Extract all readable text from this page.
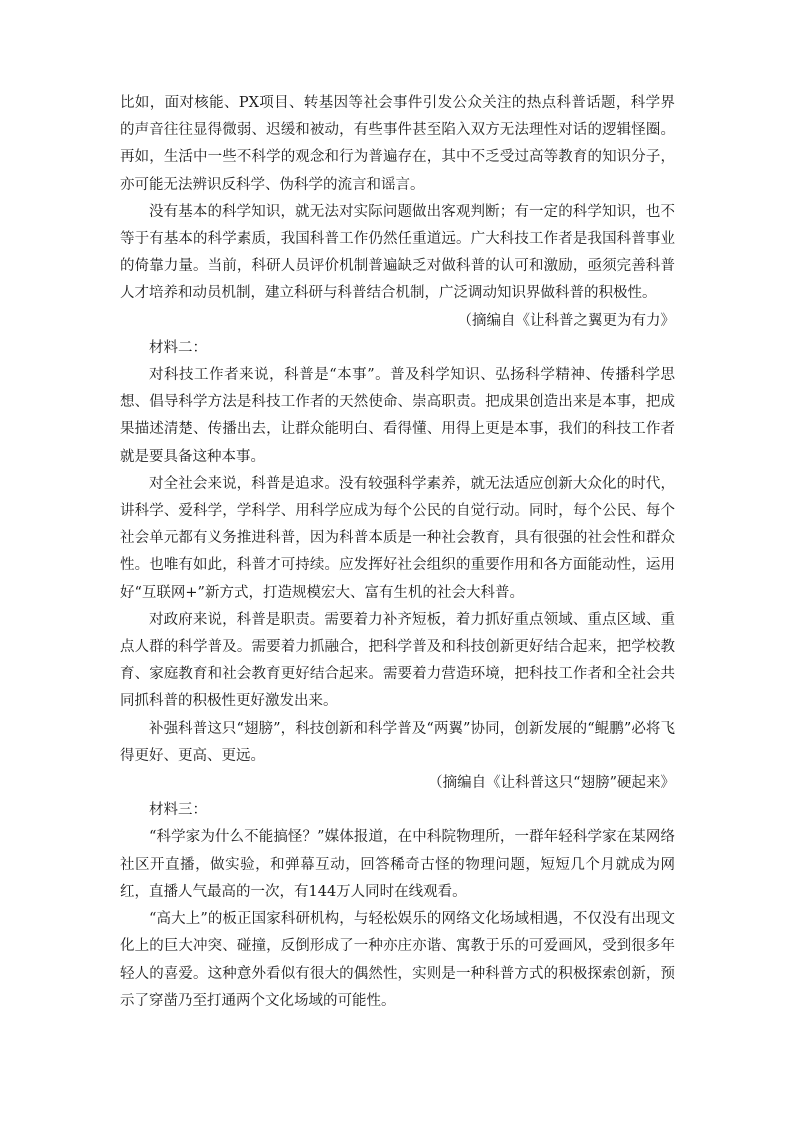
比如，面对核能、PX项目、转基因等社会事件引发公众关注的热点科普话题，科学界的声音往往显得微弱、迟缓和被动，有些事件甚至陷入双方无法理性对话的逻辑怪圈。再如，生活中一些不科学的观念和行为普遍存在，其中不乏受过高等教育的知识分子，亦可能无法辨识反科学、伪科学的流言和谣言。

没有基本的科学知识，就无法对实际问题做出客观判断；有一定的科学知识，也不等于有基本的科学素质，我国科普工作仍然任重道远。广大科技工作者是我国科普事业的倚靠力量。当前，科研人员评价机制普遍缺乏对做科普的认可和激励，亟须完善科普人才培养和动员机制，建立科研与科普结合机制，广泛调动知识界做科普的积极性。

（摘编自《让科普之翼更为有力》

材料二：

对科技工作者来说，科普是“本事”。普及科学知识、弘扬科学精神、传播科学思想、倡导科学方法是科技工作者的天然使命、崇高职责。把成果创造出来是本事，把成果描述清楚、传播出去，让群众能明白、看得懂、用得上更是本事，我们的科技工作者就是要具备这种本事。

对全社会来说，科普是追求。没有较强科学素养，就无法适应创新大众化的时代，讲科学、爱科学，学科学、用科学应成为每个公民的自觉行动。同时，每个公民、每个社会单元都有义务推进科普，因为科普本质是一种社会教育，具有很强的社会性和群众性。也唯有如此，科普才可持续。应发挥好社会组织的重要作用和各方面能动性，运用好“互联网+”新方式，打造规模宏大、富有生机的社会大科普。

对政府来说，科普是职责。需要着力补齐短板，着力抓好重点领域、重点区域、重点人群的科学普及。需要着力抓融合，把科学普及和科技创新更好结合起来，把学校教育、家庭教育和社会教育更好结合起来。需要着力营造环境，把科技工作者和全社会共同抓科普的积极性更好激发出来。

补强科普这只“翅膀”，科技创新和科学普及“两翼”协同，创新发展的“鲲鹏”必将飞得更好、更高、更远。

（摘编自《让科普这只“翅膀”硬起来》

材料三：

“科学家为什么不能搞怪？”媒体报道，在中科院物理所，一群年轻科学家在某网络社区开直播，做实验，和弹幕互动，回答稀奇古怪的物理问题，短短几个月就成为网红，直播人气最高的一次，有144万人同时在线观看。

“高大上”的板正国家科研机构，与轻松娱乐的网络文化场域相遇，不仅没有出现文化上的巨大冲突、碰撞，反倒形成了一种亦庄亦谐、寓教于乐的可爱画风，受到很多年轻人的喜爱。这种意外看似有很大的偶然性，实则是一种科普方式的积极探索创新，预示了穿凿乃至打通两个文化场域的可能性。
